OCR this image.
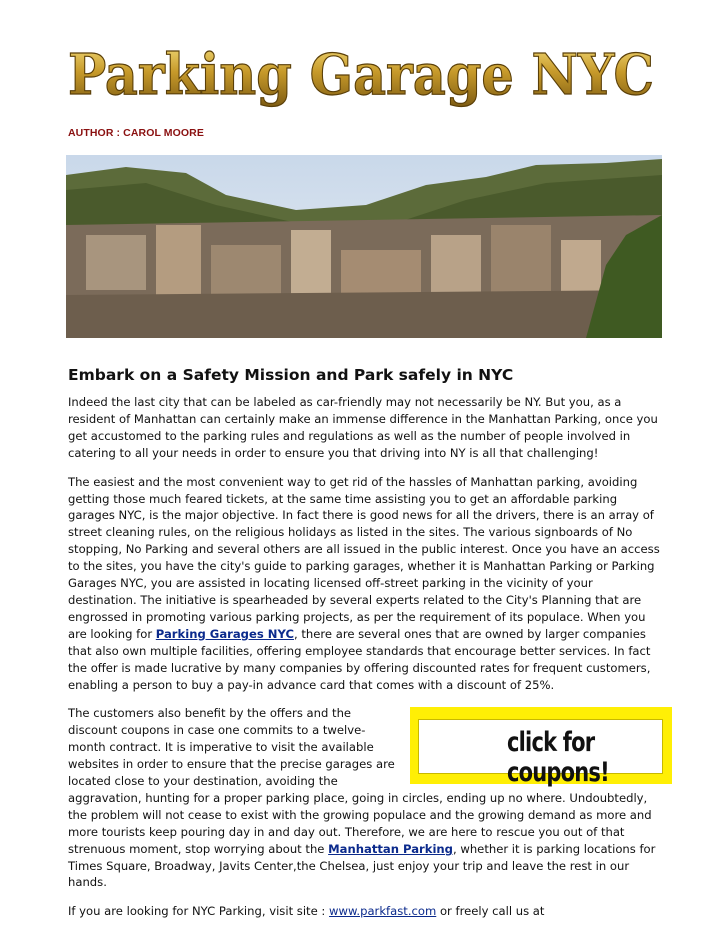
Parking Garage NYC
AUTHOR : CAROL MOORE
Embark on a Safety Mission and Park safely in NYC

Indeed the last city that can be labeled as car-friendly may not necessarily be NY. But you, as a resident of Manhattan can certainly make an immense difference in the Manhattan Parking, once you get accustomed to the parking rules and regulations as well as the number of people involved in catering to all your needs in order to ensure you that driving into NY is all that challenging!

The easiest and the most convenient way to get rid of the hassles of Manhattan parking, avoiding getting those much feared tickets, at the same time assisting you to get an affordable parking garages NYC, is the major objective. In fact there is good news for all the drivers, there is an array of street cleaning rules, on the religious holidays as listed in the sites. The various signboards of No stopping, No Parking and several others are all issued in the public interest. Once you have an access to the sites, you have the city's guide to parking garages, whether it is Manhattan Parking or Parking Garages NYC, you are assisted in locating licensed off-street parking in the vicinity of your destination. The initiative is spearheaded by several experts related to the City's Planning that are engrossed in promoting various parking projects, as per the requirement of its populace. When you are looking for Parking Garages NYC, there are several ones that are owned by larger companies that also own multiple facilities, offering employee standards that encourage better services. In fact the offer is made lucrative by many companies by offering discounted rates for frequent customers, enabling a person to buy a pay-in advance card that comes with a discount of 25%.

click for coupons!

The customers also benefit by the offers and the discount coupons in case one commits to a twelve-month contract. It is imperative to visit the available websites in order to ensure that the precise garages are located close to your destination, avoiding the aggravation, hunting for a proper parking place, going in circles, ending up no where. Undoubtedly, the problem will not cease to exist with the growing populace and the growing demand as more and more tourists keep pouring day in and day out. Therefore, we are here to rescue you out of that strenuous moment, stop worrying about the Manhattan Parking, whether it is parking locations for Times Square, Broadway, Javits Center,the Chelsea, just enjoy your trip and leave the rest in our hands.

If you are looking for NYC Parking, visit site : www.parkfast.com or freely call us at
